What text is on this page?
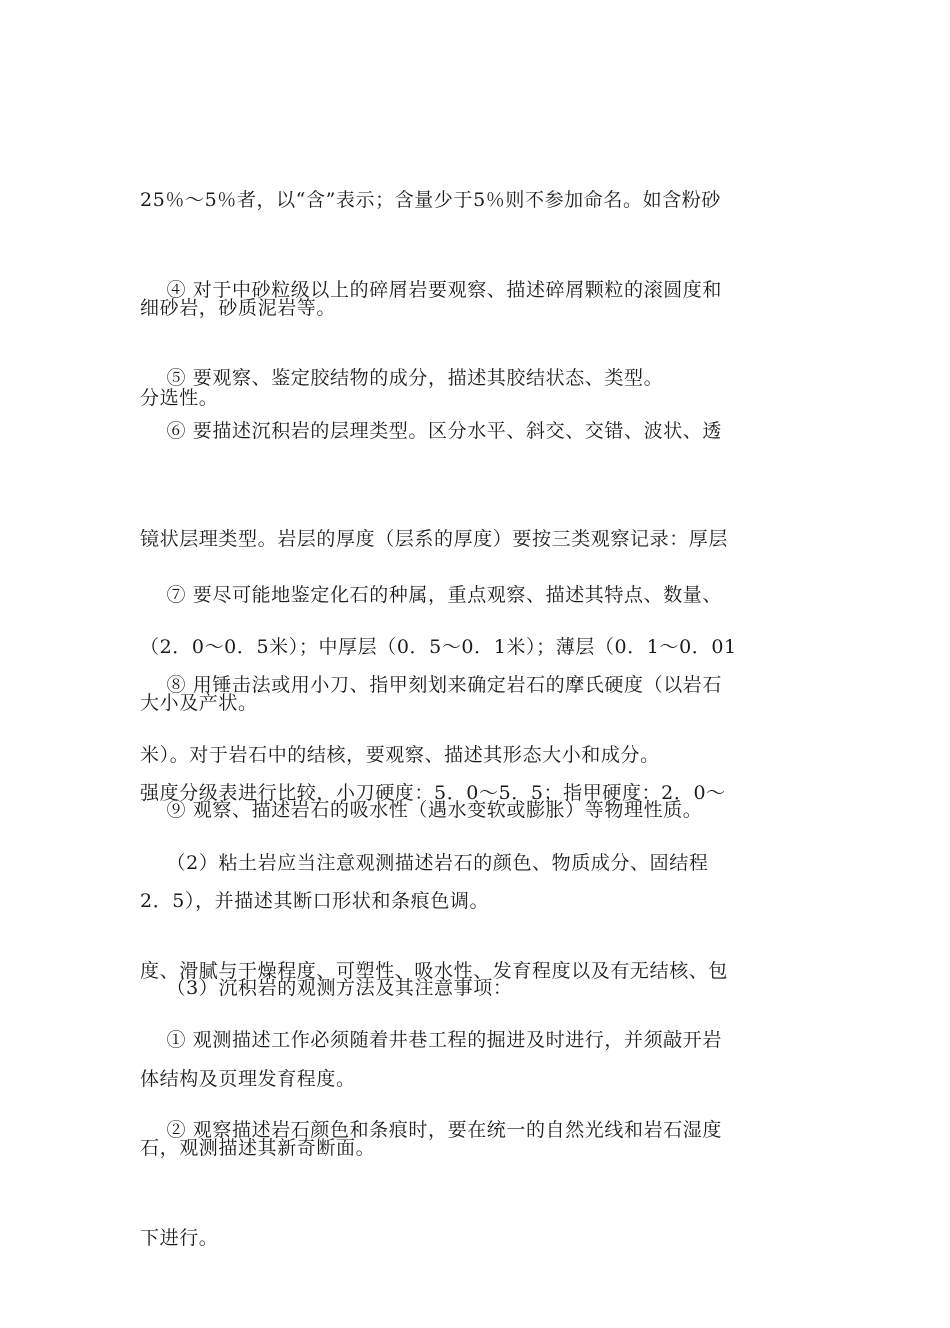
25％～5％者，以“含”表示；含量少于5％则不参加命名。如含粉砂

细砂岩，砂质泥岩等。

④ 对于中砂粒级以上的碎屑岩要观察、描述碎屑颗粒的滚圆度和

分选性。

⑤ 要观察、鉴定胶结物的成分，描述其胶结状态、类型。

⑥ 要描述沉积岩的层理类型。区分水平、斜交、交错、波状、透

镜状层理类型。岩层的厚度（层系的厚度）要按三类观察记录：厚层

（2．0～0．5米）；中厚层（0．5～0．1米）；薄层（0．1～0．01

米）。对于岩石中的结核，要观察、描述其形态大小和成分。

⑦ 要尽可能地鉴定化石的种属，重点观察、描述其特点、数量、

大小及产状。

⑧ 用锤击法或用小刀、指甲刻划来确定岩石的摩氏硬度（以岩石

强度分级表进行比较，小刀硬度：5．0～5．5；指甲硬度：2．0～

2．5），并描述其断口形状和条痕色调。

⑨ 观察、描述岩石的吸水性（遇水变软或膨胀）等物理性质。

（2）粘土岩应当注意观测描述岩石的颜色、物质成分、固结程

度、滑腻与干燥程度、可塑性、吸水性、发育程度以及有无结核、包

体结构及页理发育程度。

（3）沉积岩的观测方法及其注意事项：

① 观测描述工作必须随着井巷工程的掘进及时进行，并须敲开岩

石，观测描述其新奇断面。

② 观察描述岩石颜色和条痕时，要在统一的自然光线和岩石湿度

下进行。
